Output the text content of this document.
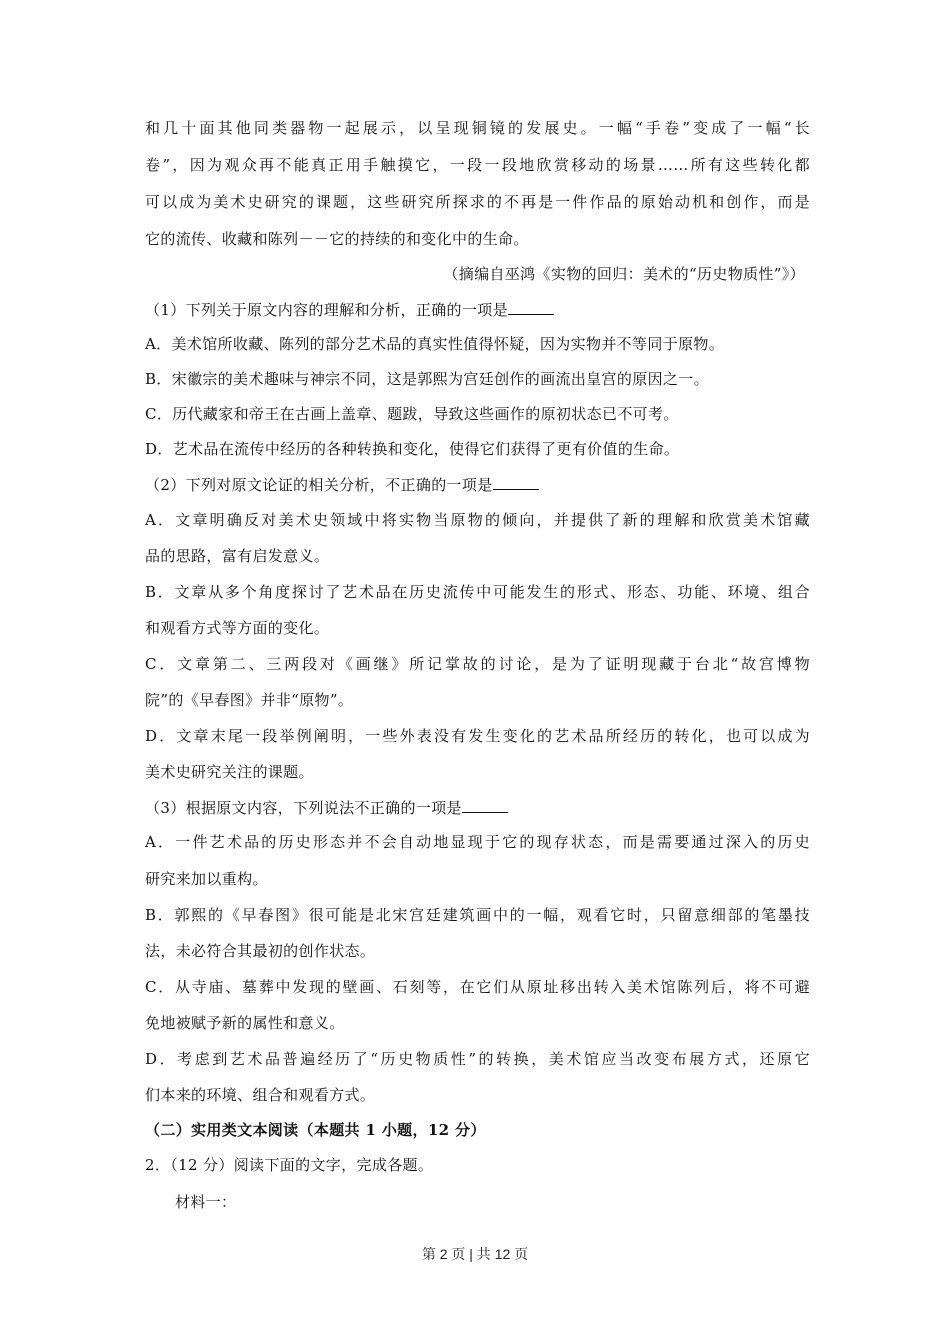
和几十面其他同类器物一起展示，以呈现铜镜的发展史。一幅“手卷”变成了一幅“长
卷”，因为观众再不能真正用手触摸它，一段一段地欣赏移动的场景……所有这些转化都
可以成为美术史研究的课题，这些研究所探求的不再是一件作品的原始动机和创作，而是
它的流传、收藏和陈列－－它的持续的和变化中的生命。
（摘编自巫鸿《实物的回归：美术的“历史物质性”》）
（1）下列关于原文内容的理解和分析，正确的一项是
A．美术馆所收藏、陈列的部分艺术品的真实性值得怀疑，因为实物并不等同于原物。
B．宋徽宗的美术趣味与神宗不同，这是郭熙为宫廷创作的画流出皇宫的原因之一。
C．历代藏家和帝王在古画上盖章、题跋，导致这些画作的原初状态已不可考。
D．艺术品在流传中经历的各种转换和变化，使得它们获得了更有价值的生命。
（2）下列对原文论证的相关分析，不正确的一项是
A．文章明确反对美术史领域中将实物当原物的倾向，并提供了新的理解和欣赏美术馆藏
品的思路，富有启发意义。
B．文章从多个角度探讨了艺术品在历史流传中可能发生的形式、形态、功能、环境、组合
和观看方式等方面的变化。
C．文章第二、三两段对《画继》所记掌故的讨论，是为了证明现藏于台北“故宫博物
院”的《早春图》并非“原物”。
D．文章末尾一段举例阐明，一些外表没有发生变化的艺术品所经历的转化，也可以成为
美术史研究关注的课题。
（3）根据原文内容，下列说法不正确的一项是
A．一件艺术品的历史形态并不会自动地显现于它的现存状态，而是需要通过深入的历史
研究来加以重构。
B．郭熙的《早春图》很可能是北宋宫廷建筑画中的一幅，观看它时，只留意细部的笔墨技
法，未必符合其最初的创作状态。
C．从寺庙、墓葬中发现的壁画、石刻等，在它们从原址移出转入美术馆陈列后，将不可避
免地被赋予新的属性和意义。
D．考虑到艺术品普遍经历了“历史物质性”的转换，美术馆应当改变布展方式，还原它
们本来的环境、组合和观看方式。
（二）实用类文本阅读（本题共 1 小题，12 分）
2．（12 分）阅读下面的文字，完成各题。
材料一：
第 2 页 | 共 12 页
